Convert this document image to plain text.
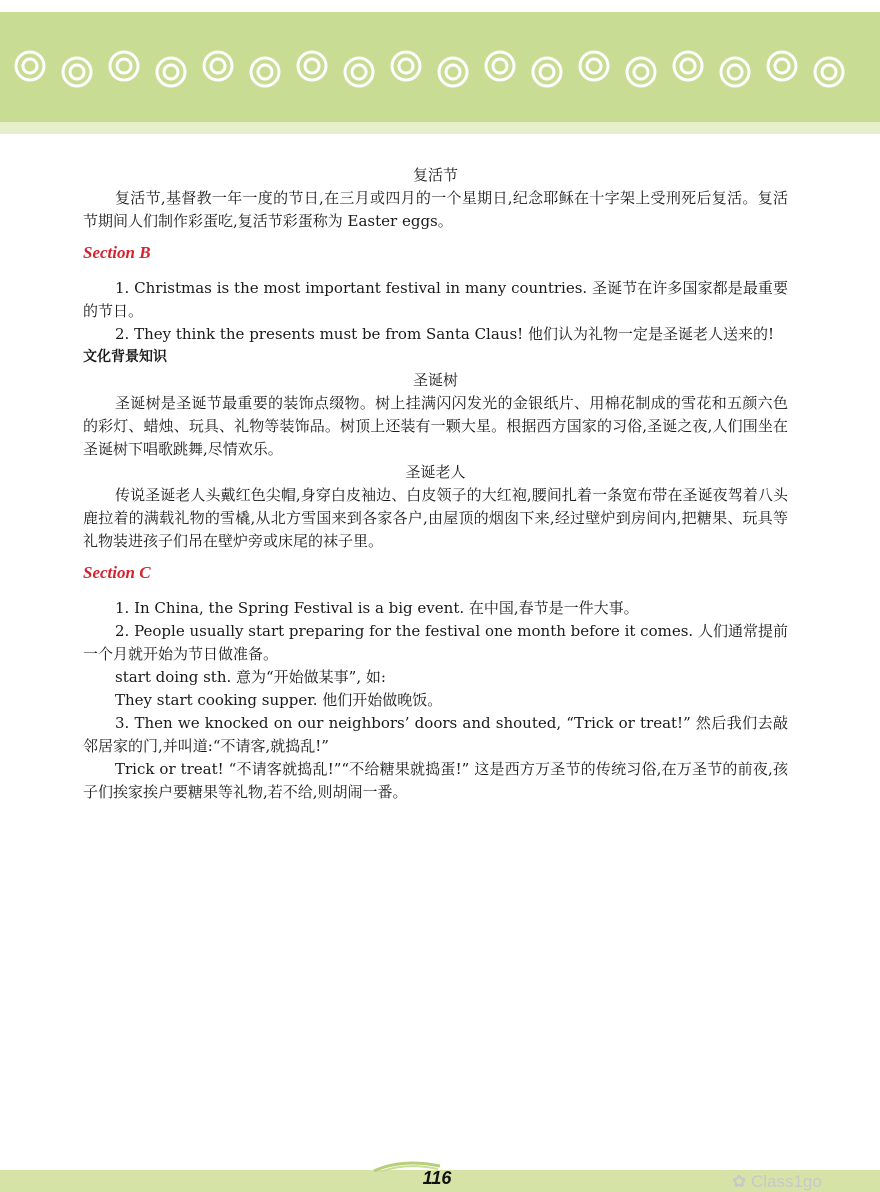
复活节

复活节,基督教一年一度的节日,在三月或四月的一个星期日,纪念耶稣在十字架上受刑死后复活。复活节期间人们制作彩蛋吃,复活节彩蛋称为 Easter eggs。

Section B

1. Christmas is the most important festival in many countries. 圣诞节在许多国家都是最重要的节日。

2. They think the presents must be from Santa Claus! 他们认为礼物一定是圣诞老人送来的!

文化背景知识

圣诞树

圣诞树是圣诞节最重要的装饰点缀物。树上挂满闪闪发光的金银纸片、用棉花制成的雪花和五颜六色的彩灯、蜡烛、玩具、礼物等装饰品。树顶上还装有一颗大星。根据西方国家的习俗,圣诞之夜,人们围坐在圣诞树下唱歌跳舞,尽情欢乐。

圣诞老人

传说圣诞老人头戴红色尖帽,身穿白皮袖边、白皮领子的大红袍,腰间扎着一条宽布带在圣诞夜驾着八头鹿拉着的满载礼物的雪橇,从北方雪国来到各家各户,由屋顶的烟囱下来,经过壁炉到房间内,把糖果、玩具等礼物装进孩子们吊在壁炉旁或床尾的袜子里。

Section C

1. In China, the Spring Festival is a big event. 在中国,春节是一件大事。

2. People usually start preparing for the festival one month before it comes. 人们通常提前一个月就开始为节日做准备。

start doing sth. 意为“开始做某事”, 如:

They start cooking supper. 他们开始做晚饭。

3. Then we knocked on our neighbors’ doors and shouted, “Trick or treat!” 然后我们去敲邻居家的门,并叫道:“不请客,就捣乱!”

Trick or treat! “不请客就捣乱!”“不给糖果就捣蛋!” 这是西方万圣节的传统习俗,在万圣节的前夜,孩子们挨家挨户要糖果等礼物,若不给,则胡闹一番。

116	✿ Class1go
